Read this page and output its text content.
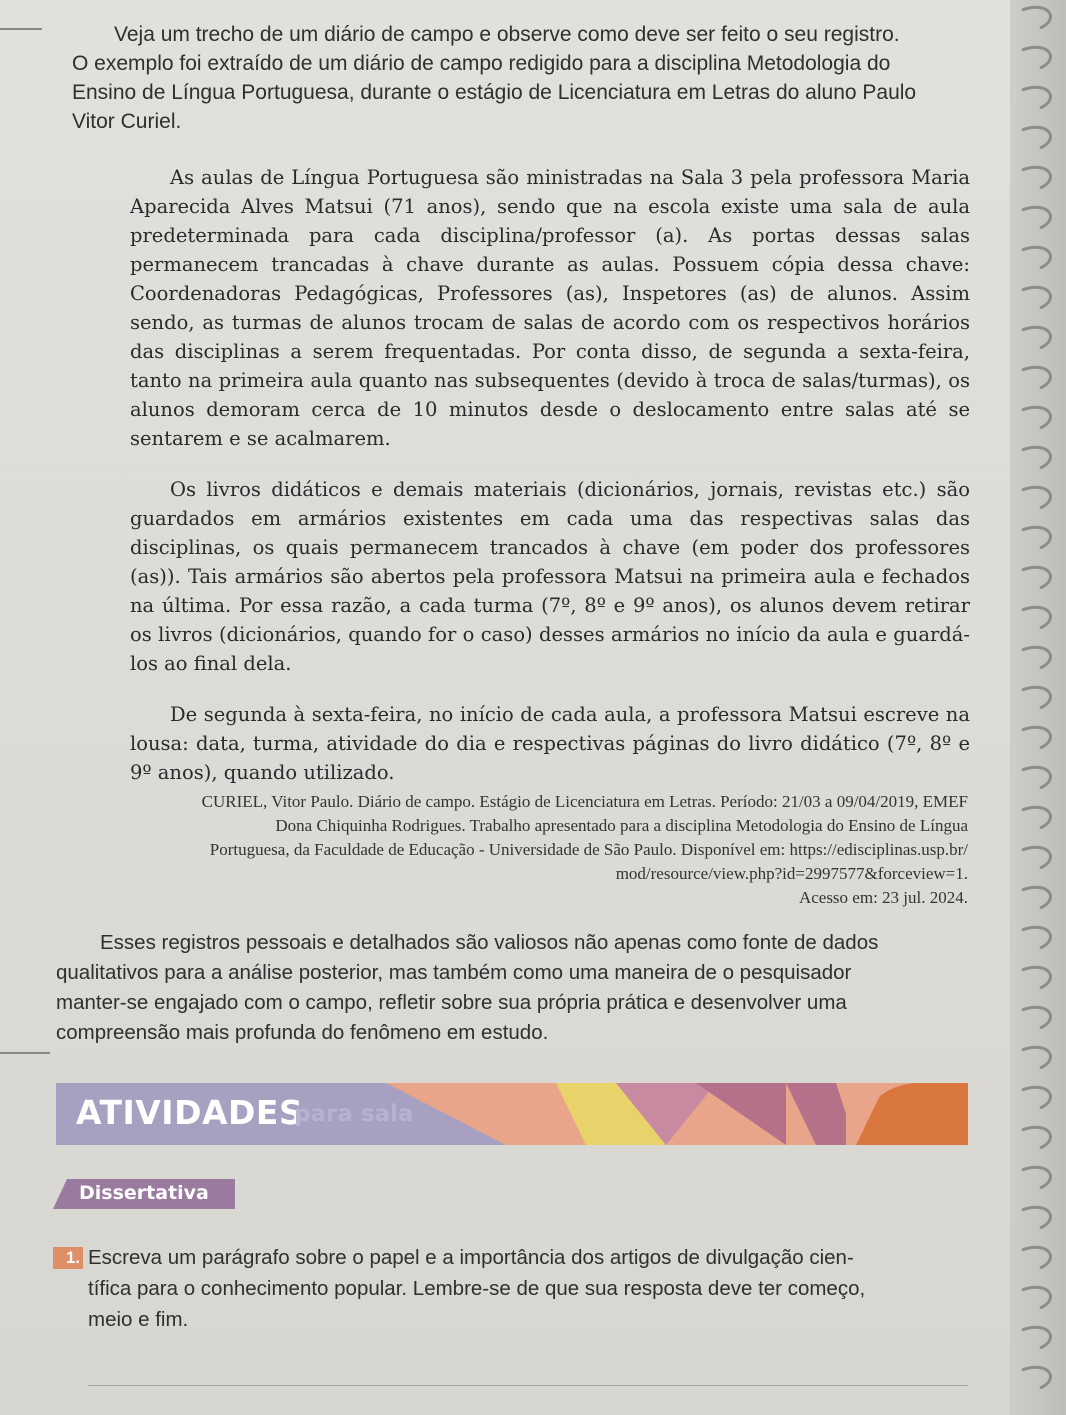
Veja um trecho de um diário de campo e observe como deve ser feito o seu registro.
O exemplo foi extraído de um diário de campo redigido para a disciplina Metodologia do
Ensino de Língua Portuguesa, durante o estágio de Licenciatura em Letras do aluno Paulo
Vitor Curiel.
As aulas de Língua Portuguesa são ministradas na Sala 3 pela professora Maria Aparecida Alves Matsui (71 anos), sendo que na escola existe uma sala de aula predeterminada para cada disciplina/professor (a). As portas dessas salas permanecem trancadas à chave durante as aulas. Possuem cópia dessa chave: Coordenadoras Pedagógicas, Professores (as), Inspetores (as) de alunos. Assim sendo, as turmas de alunos trocam de salas de acordo com os respectivos horários das disciplinas a serem frequentadas. Por conta disso, de segunda a sexta-feira, tanto na primeira aula quanto nas subsequentes (devido à troca de salas/turmas), os alunos demoram cerca de 10 minutos desde o deslocamento entre salas até se sentarem e se acalmarem.
Os livros didáticos e demais materiais (dicionários, jornais, revistas etc.) são guardados em armários existentes em cada uma das respectivas salas das disciplinas, os quais permanecem trancados à chave (em poder dos professores (as)). Tais armários são abertos pela professora Matsui na primeira aula e fechados na última. Por essa razão, a cada turma (7º, 8º e 9º anos), os alunos devem retirar os livros (dicionários, quando for o caso) desses armários no início da aula e guardá-los ao final dela.
De segunda à sexta-feira, no início de cada aula, a professora Matsui escreve na lousa: data, turma, atividade do dia e respectivas páginas do livro didático (7º, 8º e 9º anos), quando utilizado.
CURIEL, Vitor Paulo. Diário de campo. Estágio de Licenciatura em Letras. Período: 21/03 a 09/04/2019, EMEF
Dona Chiquinha Rodrigues. Trabalho apresentado para a disciplina Metodologia do Ensino de Língua
Portuguesa, da Faculdade de Educação - Universidade de São Paulo. Disponível em: https://edisciplinas.usp.br/
mod/resource/view.php?id=2997577&forceview=1.
Acesso em: 23 jul. 2024.
Esses registros pessoais e detalhados são valiosos não apenas como fonte de dados
qualitativos para a análise posterior, mas também como uma maneira de o pesquisador
manter-se engajado com o campo, refletir sobre sua própria prática e desenvolver uma
compreensão mais profunda do fenômeno em estudo.
ATIVIDADES
para sala
Dissertativa
1. Escreva um parágrafo sobre o papel e a importância dos artigos de divulgação cien-
tífica para o conhecimento popular. Lembre-se de que sua resposta deve ter começo,
meio e fim.
